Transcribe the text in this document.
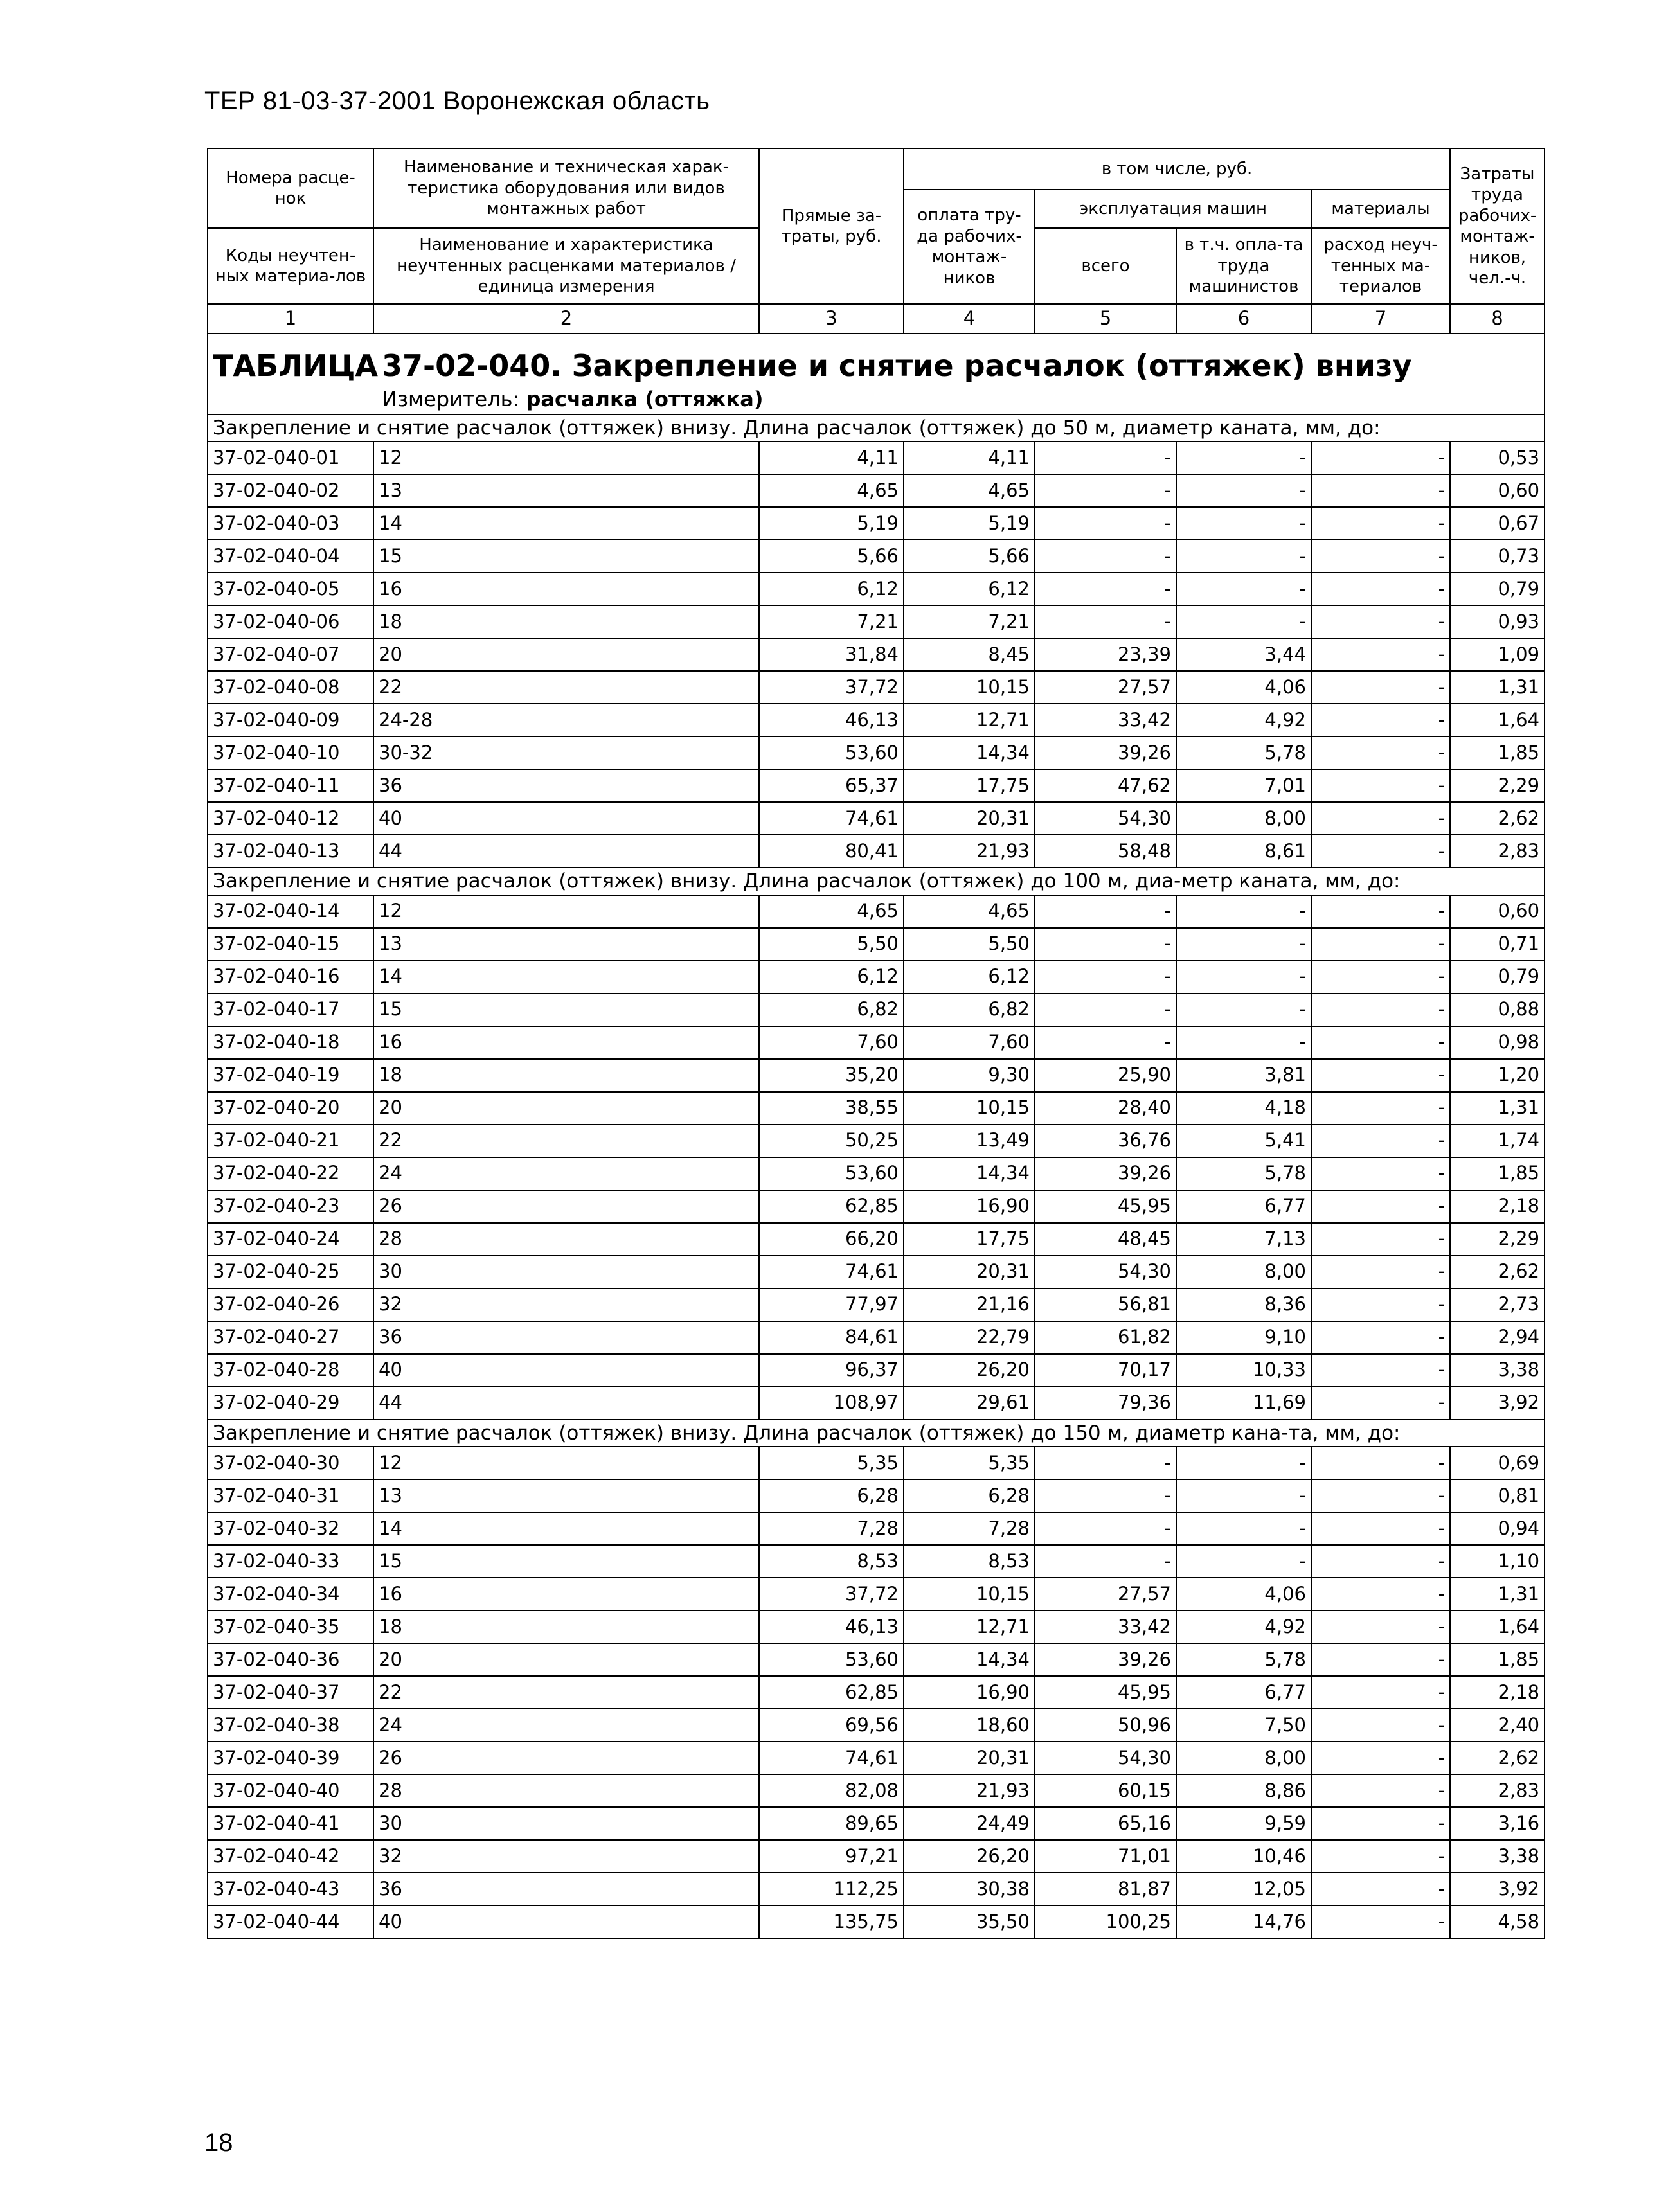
ТЕР 81-03-37-2001 Воронежская область
Номера расце-нок	Наименование и техническая харак-теристика оборудования или видов монтажных работ	Прямые за-траты, руб.	в том числе, руб.				Затраты труда рабочих-монтаж-ников, чел.-ч.
			оплата тру-да рабочих-монтаж-ников	эксплуатация машин		материалы	
Коды неучтен-ных материа-лов	Наименование и характеристика неучтенных расценками материалов / единица измерения			всего	в т.ч. опла-та труда машинистов	расход неуч-тенных ма-териалов	
1	2	3	4	5	6	7	8

ТАБЛИЦА 37-02-040. Закрепление и снятие расчалок (оттяжек) внизу
Измеритель: расчалка (оттяжка)							

Закрепление и снятие расчалок (оттяжек) внизу. Длина расчалок (оттяжек) до 50 м, диаметр каната, мм, до:							
37-02-040-01	12	4,11	4,11	-	-	-	0,53
37-02-040-02	13	4,65	4,65	-	-	-	0,60
37-02-040-03	14	5,19	5,19	-	-	-	0,67
37-02-040-04	15	5,66	5,66	-	-	-	0,73
37-02-040-05	16	6,12	6,12	-	-	-	0,79
37-02-040-06	18	7,21	7,21	-	-	-	0,93
37-02-040-07	20	31,84	8,45	23,39	3,44	-	1,09
37-02-040-08	22	37,72	10,15	27,57	4,06	-	1,31
37-02-040-09	24-28	46,13	12,71	33,42	4,92	-	1,64
37-02-040-10	30-32	53,60	14,34	39,26	5,78	-	1,85
37-02-040-11	36	65,37	17,75	47,62	7,01	-	2,29
37-02-040-12	40	74,61	20,31	54,30	8,00	-	2,62
37-02-040-13	44	80,41	21,93	58,48	8,61	-	2,83
Закрепление и снятие расчалок (оттяжек) внизу. Длина расчалок (оттяжек) до 100 м, диа-метр каната, мм, до:							
37-02-040-14	12	4,65	4,65	-	-	-	0,60
37-02-040-15	13	5,50	5,50	-	-	-	0,71
37-02-040-16	14	6,12	6,12	-	-	-	0,79
37-02-040-17	15	6,82	6,82	-	-	-	0,88
37-02-040-18	16	7,60	7,60	-	-	-	0,98
37-02-040-19	18	35,20	9,30	25,90	3,81	-	1,20
37-02-040-20	20	38,55	10,15	28,40	4,18	-	1,31
37-02-040-21	22	50,25	13,49	36,76	5,41	-	1,74
37-02-040-22	24	53,60	14,34	39,26	5,78	-	1,85
37-02-040-23	26	62,85	16,90	45,95	6,77	-	2,18
37-02-040-24	28	66,20	17,75	48,45	7,13	-	2,29
37-02-040-25	30	74,61	20,31	54,30	8,00	-	2,62
37-02-040-26	32	77,97	21,16	56,81	8,36	-	2,73
37-02-040-27	36	84,61	22,79	61,82	9,10	-	2,94
37-02-040-28	40	96,37	26,20	70,17	10,33	-	3,38
37-02-040-29	44	108,97	29,61	79,36	11,69	-	3,92
Закрепление и снятие расчалок (оттяжек) внизу. Длина расчалок (оттяжек) до 150 м, диаметр кана-та, мм, до:							
37-02-040-30	12	5,35	5,35	-	-	-	0,69
37-02-040-31	13	6,28	6,28	-	-	-	0,81
37-02-040-32	14	7,28	7,28	-	-	-	0,94
37-02-040-33	15	8,53	8,53	-	-	-	1,10
37-02-040-34	16	37,72	10,15	27,57	4,06	-	1,31
37-02-040-35	18	46,13	12,71	33,42	4,92	-	1,64
37-02-040-36	20	53,60	14,34	39,26	5,78	-	1,85
37-02-040-37	22	62,85	16,90	45,95	6,77	-	2,18
37-02-040-38	24	69,56	18,60	50,96	7,50	-	2,40
37-02-040-39	26	74,61	20,31	54,30	8,00	-	2,62
37-02-040-40	28	82,08	21,93	60,15	8,86	-	2,83
37-02-040-41	30	89,65	24,49	65,16	9,59	-	3,16
37-02-040-42	32	97,21	26,20	71,01	10,46	-	3,38
37-02-040-43	36	112,25	30,38	81,87	12,05	-	3,92
37-02-040-44	40	135,75	35,50	100,25	14,76	-	4,58
18
